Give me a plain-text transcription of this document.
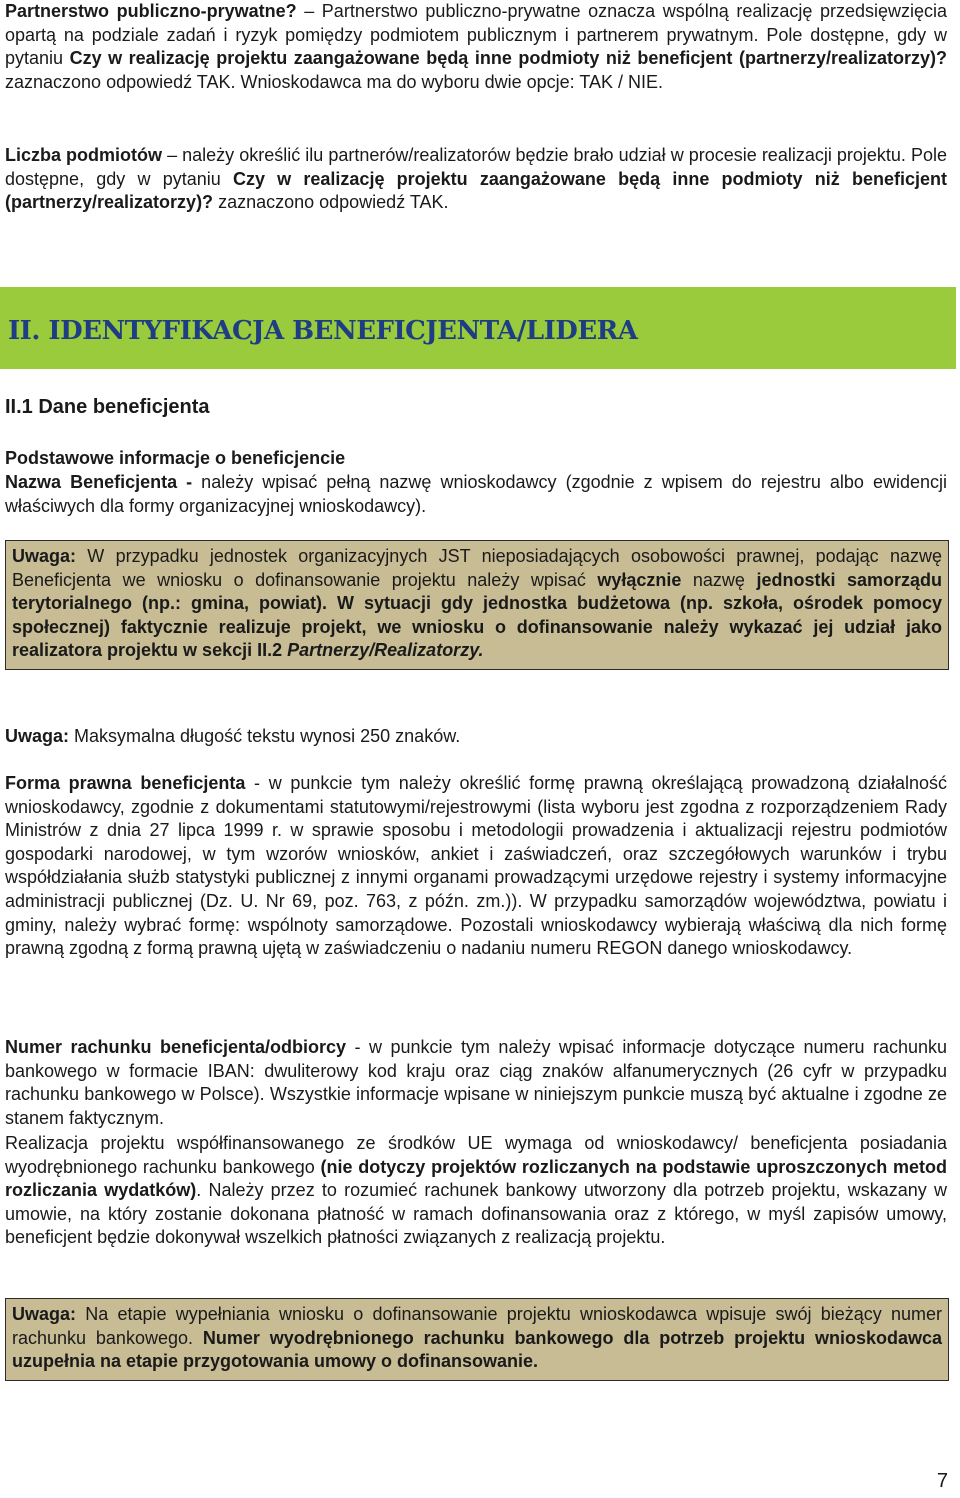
Partnerstwo publiczno-prywatne? – Partnerstwo publiczno-prywatne oznacza wspólną realizację przedsięwzięcia opartą na podziale zadań i ryzyk pomiędzy podmiotem publicznym i partnerem prywatnym. Pole dostępne, gdy w pytaniu Czy w realizację projektu zaangażowane będą inne podmioty niż beneficjent (partnerzy/realizatorzy)? zaznaczono odpowiedź TAK. Wnioskodawca ma do wyboru dwie opcje: TAK / NIE.

Liczba podmiotów – należy określić ilu partnerów/realizatorów będzie brało udział w procesie realizacji projektu. Pole dostępne, gdy w pytaniu Czy w realizację projektu zaangażowane będą inne podmioty niż beneficjent (partnerzy/realizatorzy)? zaznaczono odpowiedź TAK.

II. IDENTYFIKACJA BENEFICJENTA/LIDERA

II.1 Dane beneficjenta

Podstawowe informacje o beneficjencie

Nazwa Beneficjenta - należy wpisać pełną nazwę wnioskodawcy (zgodnie z wpisem do rejestru albo ewidencji właściwych dla formy organizacyjnej wnioskodawcy).

Uwaga: W przypadku jednostek organizacyjnych JST nieposiadających osobowości prawnej, podając nazwę Beneficjenta we wniosku o dofinansowanie projektu należy wpisać wyłącznie nazwę jednostki samorządu terytorialnego (np.: gmina, powiat). W sytuacji gdy jednostka budżetowa (np. szkoła, ośrodek pomocy społecznej) faktycznie realizuje projekt, we wniosku o dofinansowanie należy wykazać jej udział jako realizatora projektu w sekcji II.2 Partnerzy/Realizatorzy.

Uwaga: Maksymalna długość tekstu wynosi 250 znaków.

Forma prawna beneficjenta - w punkcie tym należy określić formę prawną określającą prowadzoną działalność wnioskodawcy, zgodnie z dokumentami statutowymi/rejestrowymi (lista wyboru jest zgodna z rozporządzeniem Rady Ministrów z dnia 27 lipca 1999 r. w sprawie sposobu i metodologii prowadzenia i aktualizacji rejestru podmiotów gospodarki narodowej, w tym wzorów wniosków, ankiet i zaświadczeń, oraz szczegółowych warunków i trybu współdziałania służb statystyki publicznej z innymi organami prowadzącymi urzędowe rejestry i systemy informacyjne administracji publicznej (Dz. U. Nr 69, poz. 763, z późn. zm.)). W przypadku samorządów województwa, powiatu i gminy, należy wybrać formę: wspólnoty samorządowe. Pozostali wnioskodawcy wybierają właściwą dla nich formę prawną zgodną z formą prawną ujętą w zaświadczeniu o nadaniu numeru REGON danego wnioskodawcy.

Numer rachunku beneficjenta/odbiorcy - w punkcie tym należy wpisać informacje dotyczące numeru rachunku bankowego w formacie IBAN: dwuliterowy kod kraju oraz ciąg znaków alfanumerycznych (26 cyfr w przypadku rachunku bankowego w Polsce). Wszystkie informacje wpisane w niniejszym punkcie muszą być aktualne i zgodne ze stanem faktycznym.

Realizacja projektu współfinansowanego ze środków UE wymaga od wnioskodawcy/ beneficjenta posiadania wyodrębnionego rachunku bankowego (nie dotyczy projektów rozliczanych na podstawie uproszczonych metod rozliczania wydatków). Należy przez to rozumieć rachunek bankowy utworzony dla potrzeb projektu, wskazany w umowie, na który zostanie dokonana płatność w ramach dofinansowania oraz z którego, w myśl zapisów umowy, beneficjent będzie dokonywał wszelkich płatności związanych z realizacją projektu.

Uwaga: Na etapie wypełniania wniosku o dofinansowanie projektu wnioskodawca wpisuje swój bieżący numer rachunku bankowego. Numer wyodrębnionego rachunku bankowego dla potrzeb projektu wnioskodawca uzupełnia na etapie przygotowania umowy o dofinansowanie.

7
